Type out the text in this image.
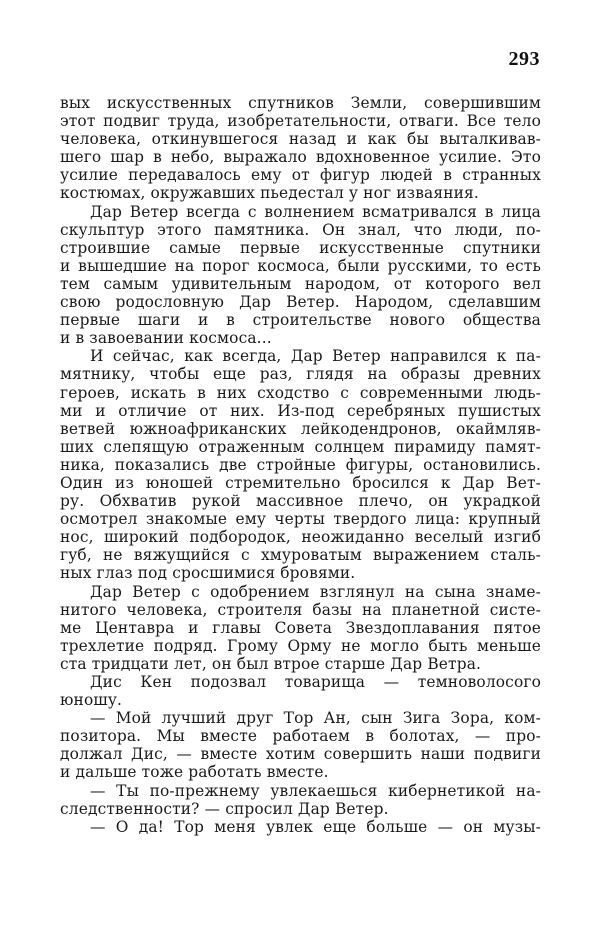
293
вых искусственных спутников Земли, совершившим
этот подвиг труда, изобретательности, отваги. Все тело
человека, откинувшегося назад и как бы выталкивав-
шего шар в небо, выражало вдохновенное усилие. Это
усилие передавалось ему от фигур людей в странных
костюмах, окружавших пьедестал у ног изваяния.
Дар Ветер всегда с волнением всматривался в лица
скульптур этого памятника. Он знал, что люди, по-
строившие самые первые искусственные спутники
и вышедшие на порог космоса, были русскими, то есть
тем самым удивительным народом, от которого вел
свою родословную Дар Ветер. Народом, сделавшим
первые шаги и в строительстве нового общества
и в завоевании космоса...
И сейчас, как всегда, Дар Ветер направился к па-
мятнику, чтобы еще раз, глядя на образы древних
героев, искать в них сходство с современными людь-
ми и отличие от них. Из-под серебряных пушистых
ветвей южноафриканских лейкодендронов, окаймляв-
ших слепящую отраженным солнцем пирамиду памят-
ника, показались две стройные фигуры, остановились.
Один из юношей стремительно бросился к Дар Вет-
ру. Обхватив рукой массивное плечо, он украдкой
осмотрел знакомые ему черты твердого лица: крупный
нос, широкий подбородок, неожиданно веселый изгиб
губ, не вяжущийся с хмуроватым выражением сталь-
ных глаз под сросшимися бровями.
Дар Ветер с одобрением взглянул на сына знаме-
нитого человека, строителя базы на планетной систе-
ме Центавра и главы Совета Звездоплавания пятое
трехлетие подряд. Грому Орму не могло быть меньше
ста тридцати лет, он был втрое старше Дар Ветра.
Дис Кен подозвал товарища — темноволосого
юношу.
— Мой лучший друг Тор Ан, сын Зига Зора, ком-
позитора. Мы вместе работаем в болотах, — про-
должал Дис, — вместе хотим совершить наши подвиги
и дальше тоже работать вместе.
— Ты по-прежнему увлекаешься кибернетикой на-
следственности? — спросил Дар Ветер.
— О да! Тор меня увлек еще больше — он музы-
